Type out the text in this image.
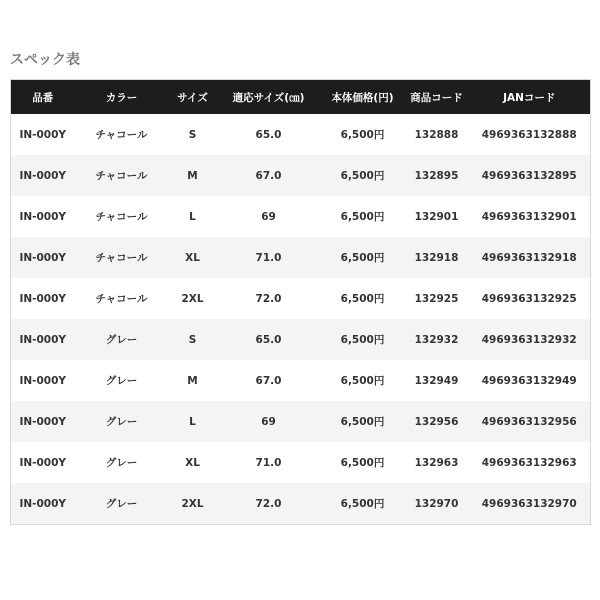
スペック表
品番	カラー	サイズ	適応サイズ(㎝)	本体価格(円)	商品コード	JANコード
IN-000Y	チャコール	S	65.0	6,500円	132888	4969363132888
IN-000Y	チャコール	M	67.0	6,500円	132895	4969363132895
IN-000Y	チャコール	L	69	6,500円	132901	4969363132901
IN-000Y	チャコール	XL	71.0	6,500円	132918	4969363132918
IN-000Y	チャコール	2XL	72.0	6,500円	132925	4969363132925
IN-000Y	グレー	S	65.0	6,500円	132932	4969363132932
IN-000Y	グレー	M	67.0	6,500円	132949	4969363132949
IN-000Y	グレー	L	69	6,500円	132956	4969363132956
IN-000Y	グレー	XL	71.0	6,500円	132963	4969363132963
IN-000Y	グレー	2XL	72.0	6,500円	132970	4969363132970
